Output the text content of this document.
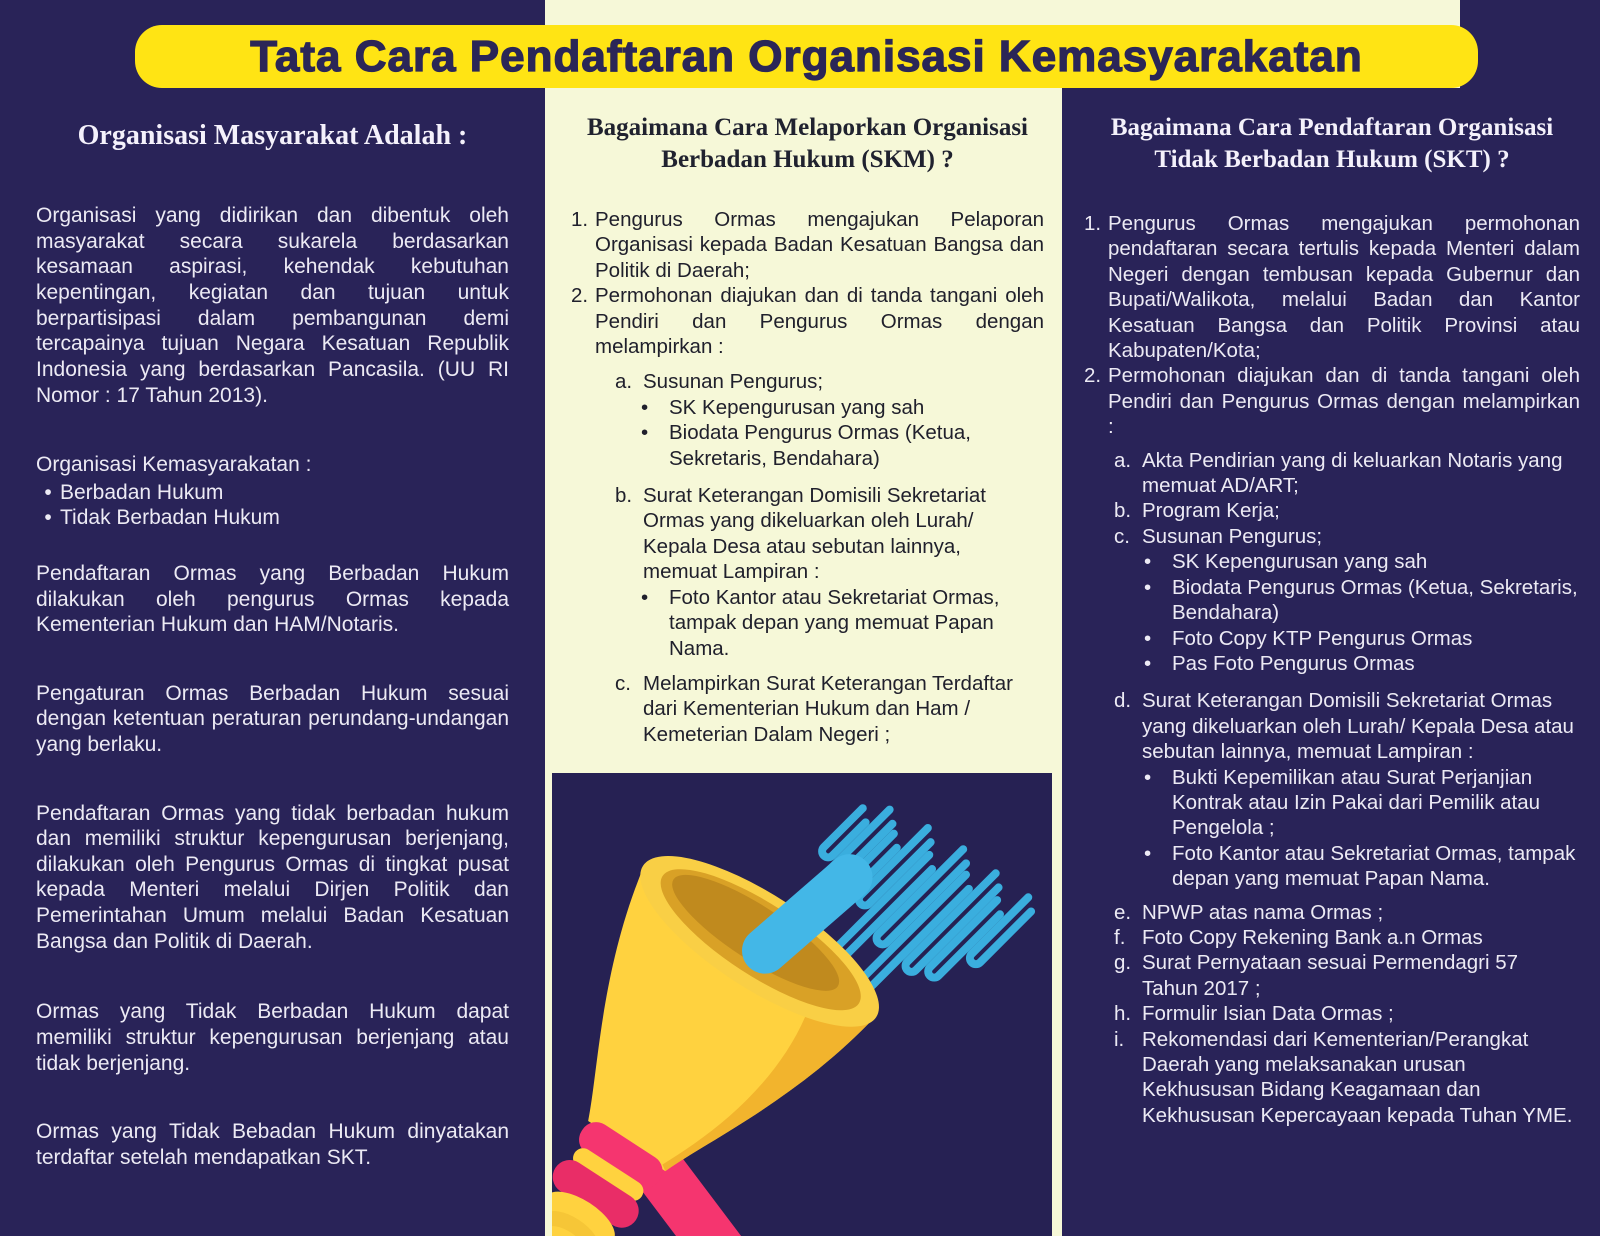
Tata Cara Pendaftaran Organisasi Kemasyarakatan
Organisasi Masyarakat Adalah :

Organisasi yang didirikan dan dibentuk oleh masyarakat secara sukarela berdasarkan kesamaan aspirasi, kehendak kebutuhan kepentingan, kegiatan dan tujuan untuk berpartisipasi dalam pembangunan demi tercapainya tujuan Negara Kesatuan Republik Indonesia yang berdasarkan Pancasila. (UU RI Nomor : 17 Tahun 2013).

Organisasi Kemasyarakatan :

• Berbadan Hukum
• Tidak Berbadan Hukum

Pendaftaran Ormas yang Berbadan Hukum dilakukan oleh pengurus Ormas kepada Kementerian Hukum dan HAM/Notaris.

Pengaturan Ormas Berbadan Hukum sesuai dengan ketentuan peraturan perundang-undangan yang berlaku.

Pendaftaran Ormas yang tidak berbadan hukum dan memiliki struktur kepengurusan berjenjang, dilakukan oleh Pengurus Ormas di tingkat pusat kepada Menteri melalui Dirjen Politik dan Pemerintahan Umum melalui Badan Kesatuan Bangsa dan Politik di Daerah.

Ormas yang Tidak Berbadan Hukum dapat memiliki struktur kepengurusan berjenjang atau tidak berjenjang.

Ormas yang Tidak Bebadan Hukum dinyatakan terdaftar setelah mendapatkan SKT.

Bagaimana Cara Melaporkan Organisasi
Berbadan Hukum (SKM) ?
1. Pengurus Ormas mengajukan Pelaporan Organisasi kepada Badan Kesatuan Bangsa dan Politik di Daerah;
2. Permohonan diajukan dan di tanda tangani oleh Pendiri dan Pengurus Ormas dengan melampirkan :
a. Susunan Pengurus;
•	SK Kepengurusan yang sah
•	Biodata Pengurus Ormas (Ketua, Sekretaris, Bendahara)
b. Surat Keterangan Domisili Sekretariat Ormas yang dikeluarkan oleh Lurah/ Kepala Desa atau sebutan lainnya, memuat Lampiran :
•	Foto Kantor atau Sekretariat Ormas, tampak depan yang memuat Papan Nama.
c. Melampirkan Surat Keterangan Terdaftar dari Kementerian Hukum dan Ham / Kemeterian Dalam Negeri ;
Bagaimana Cara Pendaftaran Organisasi
Tidak Berbadan Hukum (SKT) ?
1. Pengurus Ormas mengajukan permohonan pendaftaran secara tertulis kepada Menteri dalam Negeri dengan tembusan kepada Gubernur dan Bupati/Walikota, melalui Badan dan Kantor Kesatuan Bangsa dan Politik Provinsi atau Kabupaten/Kota;
2. Permohonan diajukan dan di tanda tangani oleh Pendiri dan Pengurus Ormas dengan melampirkan :
a. Akta Pendirian yang di keluarkan Notaris yang memuat AD/ART;
b. Program Kerja;
c. Susunan Pengurus;
•	SK Kepengurusan yang sah
•	Biodata Pengurus Ormas (Ketua, Sekretaris, Bendahara)
•	Foto Copy KTP Pengurus Ormas
•	Pas Foto Pengurus Ormas
d. Surat Keterangan Domisili Sekretariat Ormas yang dikeluarkan oleh Lurah/ Kepala Desa atau sebutan lainnya, memuat Lampiran :
•	Bukti Kepemilikan atau Surat Perjanjian Kontrak atau Izin Pakai dari Pemilik atau Pengelola ;
•	Foto Kantor atau Sekretariat Ormas, tampak depan yang memuat Papan Nama.
e. NPWP atas nama Ormas ;
f. Foto Copy Rekening Bank a.n Ormas
g. Surat Pernyataan sesuai Permendagri 57 Tahun 2017 ;
h. Formulir Isian Data Ormas ;
i. Rekomendasi dari Kementerian/Perangkat Daerah yang melaksanakan urusan Kekhususan Bidang Keagamaan dan Kekhususan Kepercayaan kepada Tuhan YME.
